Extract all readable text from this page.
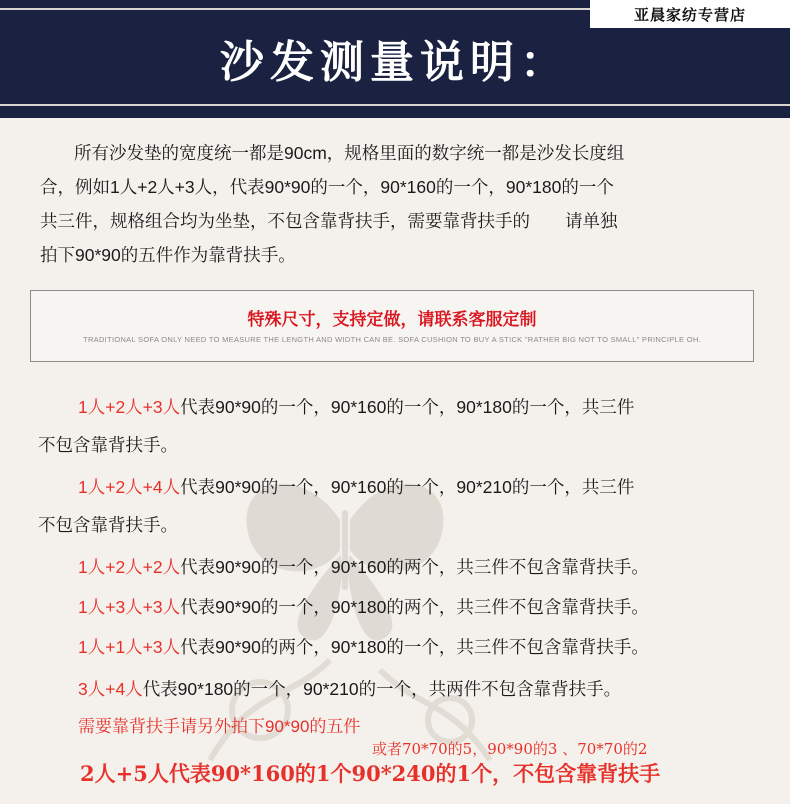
亚晨家纺专营店
沙发测量说明：

所有沙发垫的宽度统一都是90cm，规格里面的数字统一都是沙发长度组

合，例如1人+2人+3人，代表90*90的一个，90*160的一个，90*180的一个

共三件，规格组合均为坐垫，不包含靠背扶手，需要靠背扶手的　　请单独

拍下90*90的五件作为靠背扶手。

特殊尺寸，支持定做，请联系客服定制
TRADITIONAL SOFA ONLY NEED TO MEASURE THE LENGTH AND WIDTH CAN BE. SOFA CUSHION TO BUY A STICK "RATHER BIG NOT TO SMALL" PRINCIPLE OH.
1人+2人+3人代表90*90的一个，90*160的一个，90*180的一个，共三件
不包含靠背扶手。
1人+2人+4人代表90*90的一个，90*160的一个，90*210的一个，共三件
不包含靠背扶手。
1人+2人+2人代表90*90的一个，90*160的两个，共三件不包含靠背扶手。
1人+3人+3人代表90*90的一个，90*180的两个，共三件不包含靠背扶手。
1人+1人+3人代表90*90的两个，90*180的一个，共三件不包含靠背扶手。
3人+4人代表90*180的一个，90*210的一个，共两件不包含靠背扶手。
需要靠背扶手请另外拍下90*90的五件
或者70*70的5，90*90的3 、70*70的2
2人+5人代表90*160的1个90*240的1个，不包含靠背扶手
